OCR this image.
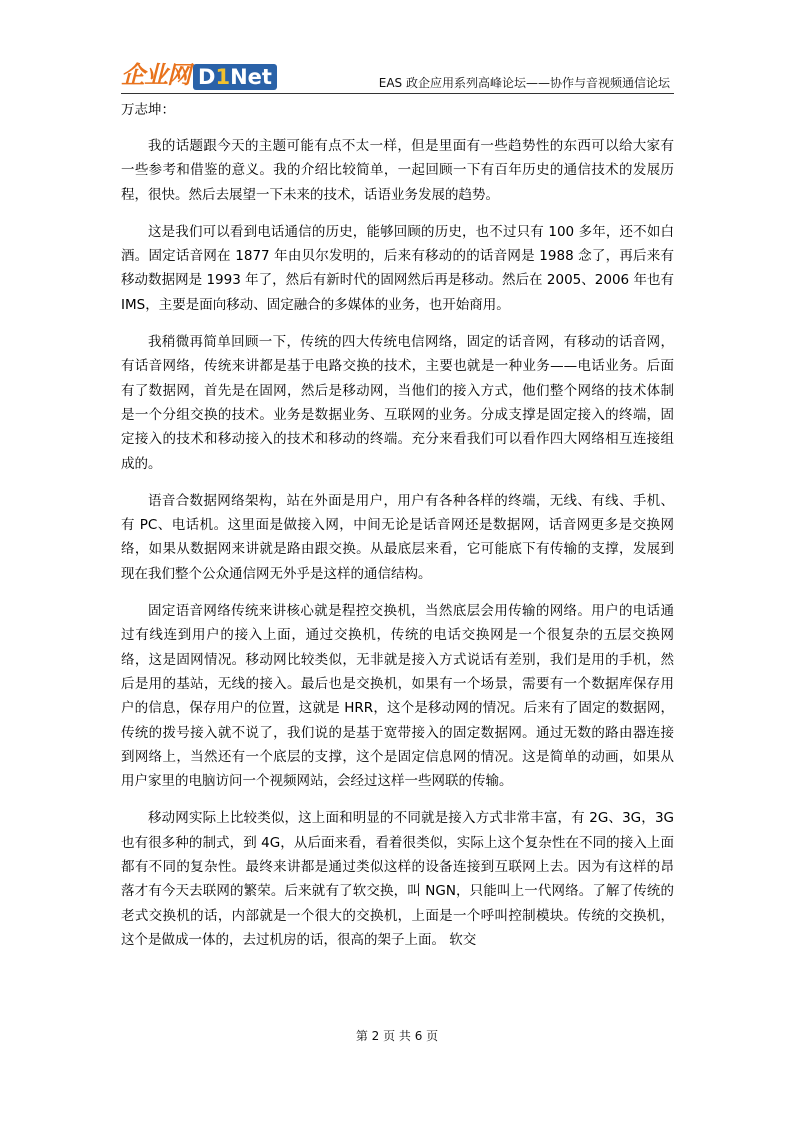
企业网 D 1 Net	EAS 政企应用系列高峰论坛——协作与音视频通信论坛

万志坤：

我的话题跟今天的主题可能有点不太一样，但是里面有一些趋势性的东西可以给大家有一些参考和借鉴的意义。我的介绍比较简单，一起回顾一下有百年历史的通信技术的发展历程，很快。然后去展望一下未来的技术，话语业务发展的趋势。

这是我们可以看到电话通信的历史，能够回顾的历史，也不过只有 100 多年，还不如白酒。固定话音网在 1877 年由贝尔发明的，后来有移动的的话音网是 1988 念了，再后来有移动数据网是 1993 年了，然后有新时代的固网然后再是移动。然后在 2005、2006 年也有 IMS，主要是面向移动、固定融合的多媒体的业务，也开始商用。

我稍微再简单回顾一下，传统的四大传统电信网络，固定的话音网，有移动的话音网，有话音网络，传统来讲都是基于电路交换的技术，主要也就是一种业务——电话业务。后面有了数据网，首先是在固网，然后是移动网，当他们的接入方式，他们整个网络的技术体制是一个分组交换的技术。业务是数据业务、互联网的业务。分成支撑是固定接入的终端，固定接入的技术和移动接入的技术和移动的终端。充分来看我们可以看作四大网络相互连接组成的。

语音合数据网络架构，站在外面是用户，用户有各种各样的终端，无线、有线、手机、有 PC、电话机。这里面是做接入网，中间无论是话音网还是数据网，话音网更多是交换网络，如果从数据网来讲就是路由跟交换。从最底层来看，它可能底下有传输的支撑，发展到现在我们整个公众通信网无外乎是这样的通信结构。

固定语音网络传统来讲核心就是程控交换机，当然底层会用传输的网络。用户的电话通过有线连到用户的接入上面，通过交换机，传统的电话交换网是一个很复杂的五层交换网络，这是固网情况。移动网比较类似，无非就是接入方式说话有差别，我们是用的手机，然后是用的基站，无线的接入。最后也是交换机，如果有一个场景，需要有一个数据库保存用户的信息，保存用户的位置，这就是 HRR，这个是移动网的情况。后来有了固定的数据网，传统的拨号接入就不说了，我们说的是基于宽带接入的固定数据网。通过无数的路由器连接到网络上，当然还有一个底层的支撑，这个是固定信息网的情况。这是简单的动画，如果从用户家里的电脑访问一个视频网站，会经过这样一些网联的传输。

移动网实际上比较类似，这上面和明显的不同就是接入方式非常丰富，有 2G、3G，3G 也有很多种的制式，到 4G，从后面来看，看着很类似，实际上这个复杂性在不同的接入上面都有不同的复杂性。最终来讲都是通过类似这样的设备连接到互联网上去。因为有这样的昂落才有今天去联网的繁荣。后来就有了软交换，叫 NGN，只能叫上一代网络。了解了传统的老式交换机的话，内部就是一个很大的交换机，上面是一个呼叫控制模块。传统的交换机，这个是做成一体的，去过机房的话，很高的架子上面。 软交

第 2 页 共 6 页
